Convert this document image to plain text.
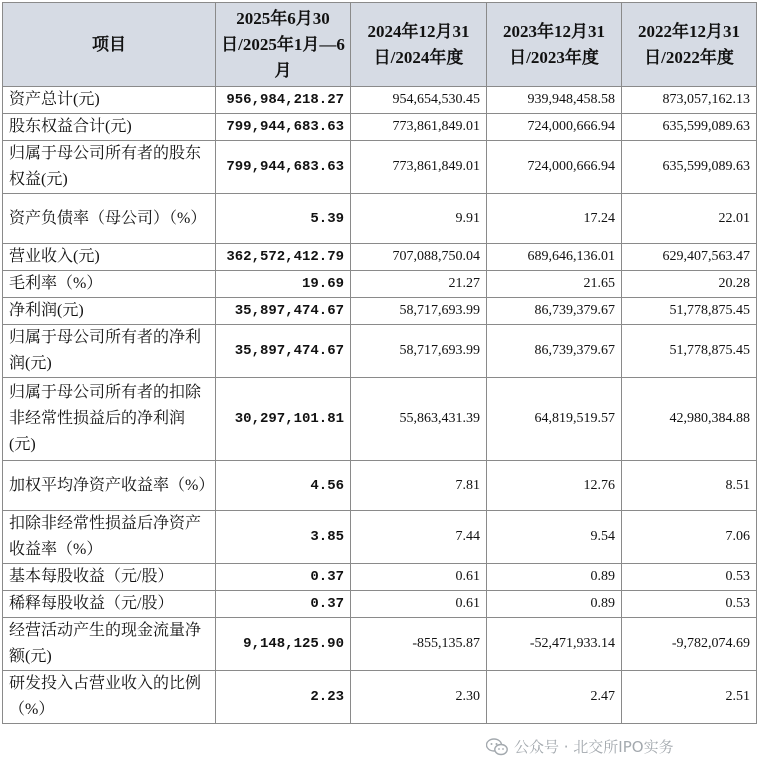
项目	2025年6月30日/2025年1月—6月	2024年12月31日/2024年度	2023年12月31日/2023年度	2022年12月31日/2022年度
资产总计(元)	956,984,218.27	954,654,530.45	939,948,458.58	873,057,162.13
股东权益合计(元)	799,944,683.63	773,861,849.01	724,000,666.94	635,599,089.63
归属于母公司所有者的股东权益(元)	799,944,683.63	773,861,849.01	724,000,666.94	635,599,089.63
资产负债率（母公司）（%）	5.39	9.91	17.24	22.01
营业收入(元)	362,572,412.79	707,088,750.04	689,646,136.01	629,407,563.47
毛利率（%）	19.69	21.27	21.65	20.28
净利润(元)	35,897,474.67	58,717,693.99	86,739,379.67	51,778,875.45
归属于母公司所有者的净利润(元)	35,897,474.67	58,717,693.99	86,739,379.67	51,778,875.45
归属于母公司所有者的扣除非经常性损益后的净利润(元)	30,297,101.81	55,863,431.39	64,819,519.57	42,980,384.88
加权平均净资产收益率（%）	4.56	7.81	12.76	8.51
扣除非经常性损益后净资产收益率（%）	3.85	7.44	9.54	7.06
基本每股收益（元/股）	0.37	0.61	0.89	0.53
稀释每股收益（元/股）	0.37	0.61	0.89	0.53
经营活动产生的现金流量净额(元)	9,148,125.90	-855,135.87	-52,471,933.14	-9,782,074.69
研发投入占营业收入的比例（%）	2.23	2.30	2.47	2.51
公众号 · 北交所IPO实务
